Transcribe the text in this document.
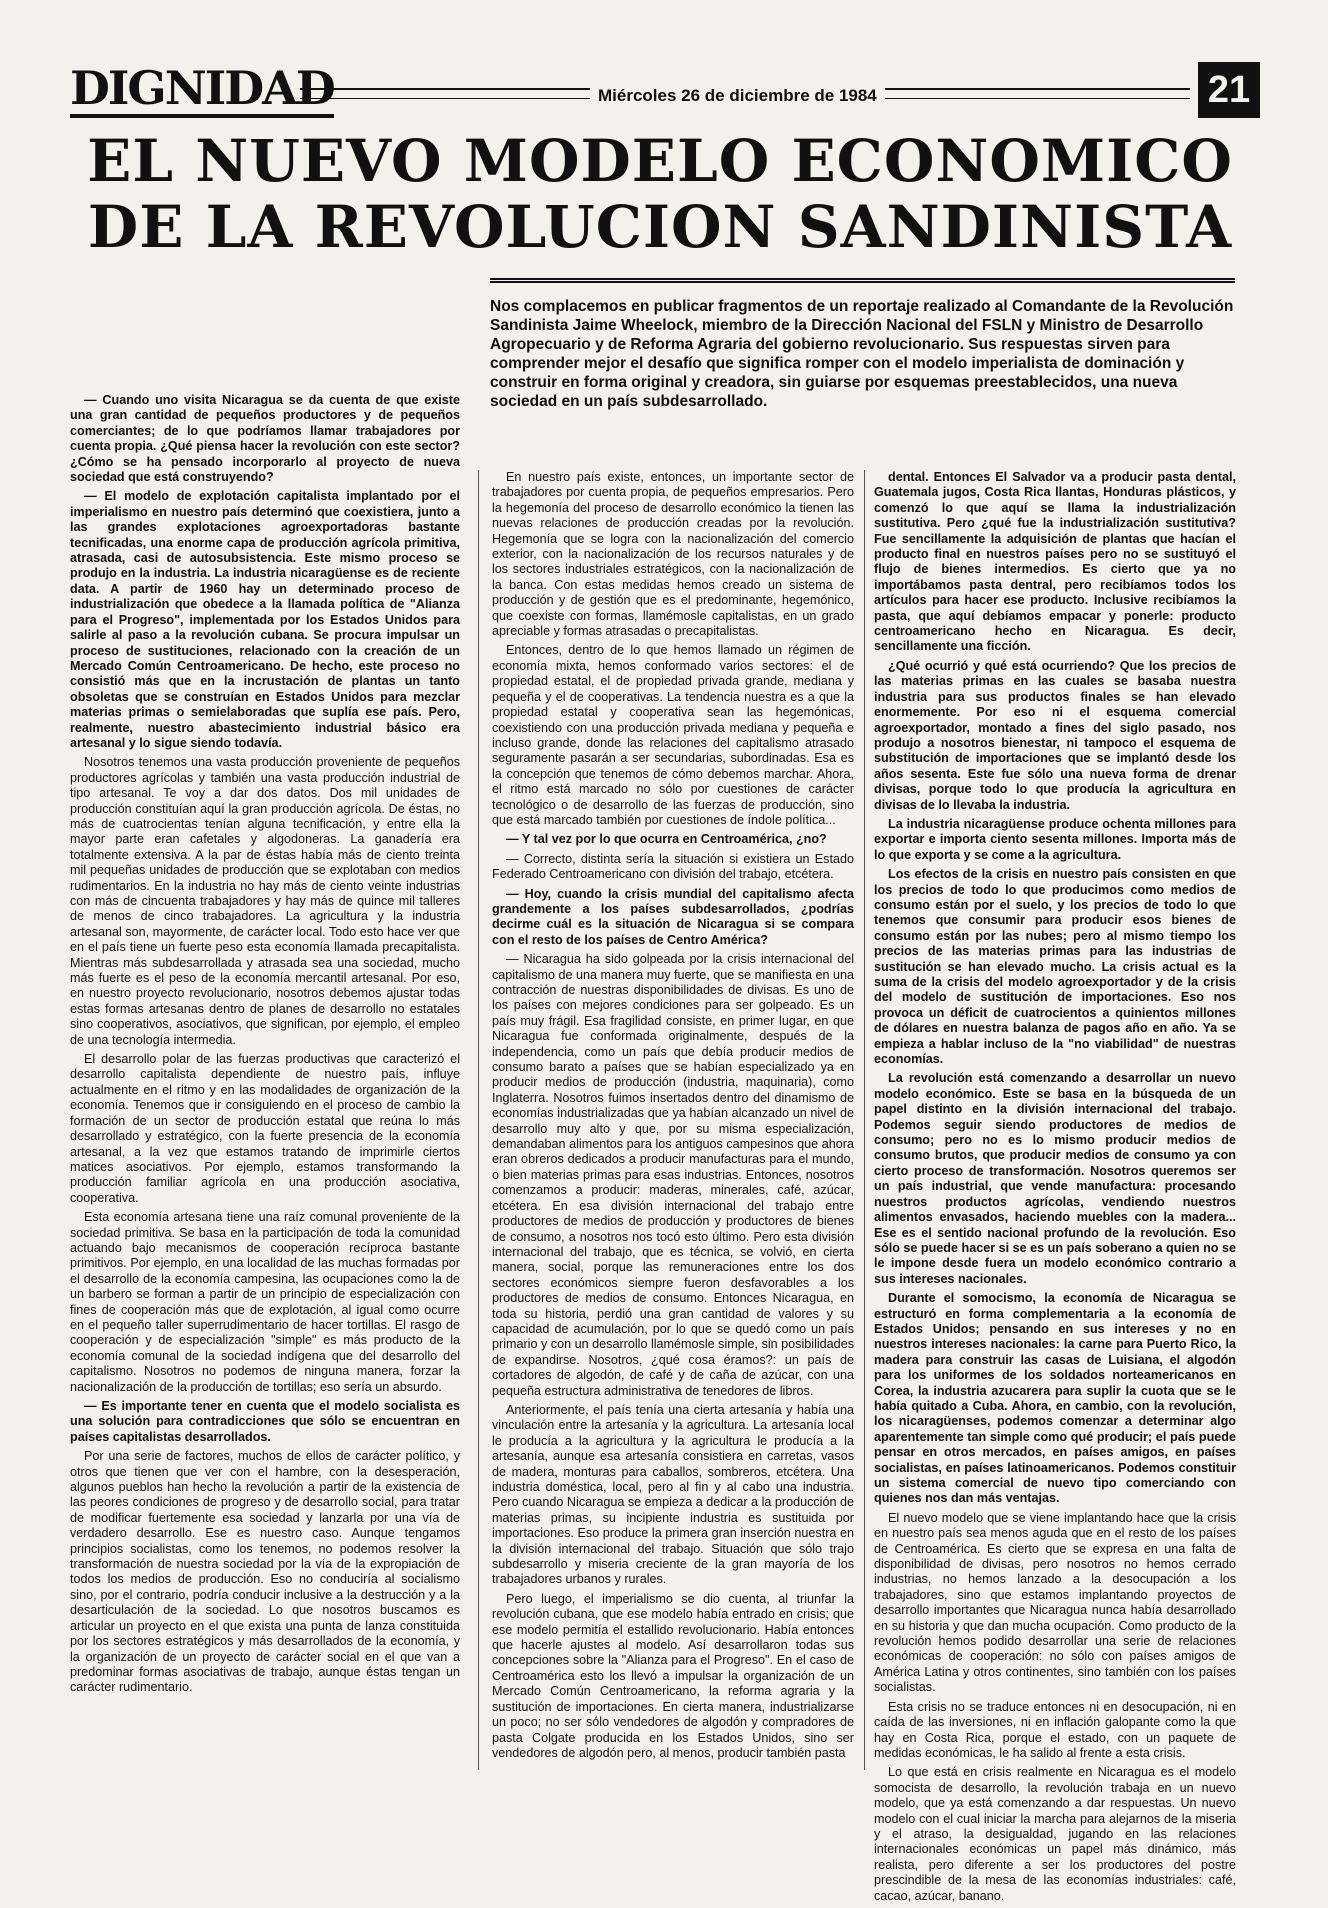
DIGNIDAD	Miércoles 26 de diciembre de 1984	21
EL NUEVO MODELO ECONOMICO
DE LA REVOLUCION SANDINISTA
Nos complacemos en publicar fragmentos de un reportaje realizado al Comandante de la Revolución Sandinista Jaime Wheelock, miembro de la Dirección Nacional del FSLN y Ministro de Desarrollo Agropecuario y de Reforma Agraria del gobierno revolucionario. Sus respuestas sirven para comprender mejor el desafío que significa romper con el modelo imperialista de dominación y construir en forma original y creadora, sin guiarse por esquemas preestablecidos, una nueva sociedad en un país subdesarrollado.

— Cuando uno visita Nicaragua se da cuenta de que existe una gran cantidad de pequeños productores y de pequeños comerciantes; de lo que podríamos llamar trabajadores por cuenta propia. ¿Qué piensa hacer la revolución con este sector? ¿Cómo se ha pensado incorporarlo al proyecto de nueva sociedad que está construyendo?

— El modelo de explotación capitalista implantado por el imperialismo en nuestro país determinó que coexistiera, junto a las grandes explotaciones agroexportadoras bastante tecnificadas, una enorme capa de producción agrícola primitiva, atrasada, casi de autosubsistencia. Este mismo proceso se produjo en la industria. La industria nicaragüense es de reciente data. A partir de 1960 hay un determinado proceso de industrialización que obedece a la llamada política de "Alianza para el Progreso", implementada por los Estados Unidos para salirle al paso a la revolución cubana. Se procura impulsar un proceso de sustituciones, relacionado con la creación de un Mercado Común Centroamericano. De hecho, este proceso no consistió más que en la incrustación de plantas un tanto obsoletas que se construían en Estados Unidos para mezclar materias primas o semielaboradas que suplía ese país. Pero, realmente, nuestro abastecimiento industrial básico era artesanal y lo sigue siendo todavía.

Nosotros tenemos una vasta producción proveniente de pequeños productores agrícolas y también una vasta producción industrial de tipo artesanal. Te voy a dar dos datos. Dos mil unidades de producción constituían aquí la gran producción agrícola. De éstas, no más de cuatrocientas tenían alguna tecnificación, y entre ella la mayor parte eran cafetales y algodoneras. La ganadería era totalmente extensiva. A la par de éstas había más de ciento treinta mil pequeñas unidades de producción que se explotaban con medios rudimentarios. En la industria no hay más de ciento veinte industrias con más de cincuenta trabajadores y hay más de quince mil talleres de menos de cinco trabajadores. La agricultura y la industria artesanal son, mayormente, de carácter local. Todo esto hace ver que en el país tiene un fuerte peso esta economía llamada precapitalista. Mientras más subdesarrollada y atrasada sea una sociedad, mucho más fuerte es el peso de la economía mercantil artesanal. Por eso, en nuestro proyecto revolucionario, nosotros debemos ajustar todas estas formas artesanas dentro de planes de desarrollo no estatales sino cooperativos, asociativos, que significan, por ejemplo, el empleo de una tecnología intermedia.

El desarrollo polar de las fuerzas productivas que caracterizó el desarrollo capitalista dependiente de nuestro país, influye actualmente en el ritmo y en las modalidades de organización de la economía. Tenemos que ir consiguiendo en el proceso de cambio la formación de un sector de producción estatal que reúna lo más desarrollado y estratégico, con la fuerte presencia de la economía artesanal, a la vez que estamos tratando de imprimirle ciertos matices asociativos. Por ejemplo, estamos transformando la producción familiar agrícola en una producción asociativa, cooperativa.

Esta economía artesana tiene una raíz comunal proveniente de la sociedad primitiva. Se basa en la participación de toda la comunidad actuando bajo mecanismos de cooperación recíproca bastante primitivos. Por ejemplo, en una localidad de las muchas formadas por el desarrollo de la economía campesina, las ocupaciones como la de un barbero se forman a partir de un principio de especialización con fines de cooperación más que de explotación, al igual como ocurre en el pequeño taller superrudimentario de hacer tortillas. El rasgo de cooperación y de especialización "simple" es más producto de la economía comunal de la sociedad indígena que del desarrollo del capitalismo. Nosotros no podemos de ninguna manera, forzar la nacionalización de la producción de tortillas; eso sería un absurdo.

— Es importante tener en cuenta que el modelo socialista es una solución para contradicciones que sólo se encuentran en países capitalistas desarrollados.

Por una serie de factores, muchos de ellos de carácter político, y otros que tienen que ver con el hambre, con la desesperación, algunos pueblos han hecho la revolución a partir de la existencia de las peores condiciones de progreso y de desarrollo social, para tratar de modificar fuertemente esa sociedad y lanzarla por una vía de verdadero desarrollo. Ese es nuestro caso. Aunque tengamos principios socialistas, como los tenemos, no podemos resolver la transformación de nuestra sociedad por la vía de la expropiación de todos los medios de producción. Eso no conduciría al socialismo sino, por el contrario, podría conducir inclusive a la destrucción y a la desarticulación de la sociedad. Lo que nosotros buscamos es articular un proyecto en el que exista una punta de lanza constituida por los sectores estratégicos y más desarrollados de la economía, y la organización de un proyecto de carácter social en el que van a predominar formas asociativas de trabajo, aunque éstas tengan un carácter rudimentario.

En nuestro país existe, entonces, un importante sector de trabajadores por cuenta propia, de pequeños empresarios. Pero la hegemonía del proceso de desarrollo económico la tienen las nuevas relaciones de producción creadas por la revolución. Hegemonía que se logra con la nacionalización del comercio exterior, con la nacionalización de los recursos naturales y de los sectores industriales estratégicos, con la nacionalización de la banca. Con estas medidas hemos creado un sistema de producción y de gestión que es el predominante, hegemónico, que coexiste con formas, llamémosle capitalistas, en un grado apreciable y formas atrasadas o precapitalistas.

Entonces, dentro de lo que hemos llamado un régimen de economía mixta, hemos conformado varios sectores: el de propiedad estatal, el de propiedad privada grande, mediana y pequeña y el de cooperativas. La tendencia nuestra es a que la propiedad estatal y cooperativa sean las hegemónicas, coexistiendo con una producción privada mediana y pequeña e incluso grande, donde las relaciones del capitalismo atrasado seguramente pasarán a ser secundarias, subordinadas. Esa es la concepción que tenemos de cómo debemos marchar. Ahora, el ritmo está marcado no sólo por cuestiones de carácter tecnológico o de desarrollo de las fuerzas de producción, sino que está marcado también por cuestiones de índole política...

— Y tal vez por lo que ocurra en Centroamérica, ¿no?

— Correcto, distinta sería la situación si existiera un Estado Federado Centroamericano con división del trabajo, etcétera.

— Hoy, cuando la crisis mundial del capitalismo afecta grandemente a los países subdesarrollados, ¿podrías decirme cuál es la situación de Nicaragua si se compara con el resto de los países de Centro América?

— Nicaragua ha sido golpeada por la crisis internacional del capitalismo de una manera muy fuerte, que se manifiesta en una contracción de nuestras disponibilidades de divisas. Es uno de los países con mejores condiciones para ser golpeado. Es un país muy frágil. Esa fragilidad consiste, en primer lugar, en que Nicaragua fue conformada originalmente, después de la independencia, como un país que debía producir medios de consumo barato a países que se habían especializado ya en producir medios de producción (industria, maquinaria), como Inglaterra. Nosotros fuimos insertados dentro del dinamismo de economías industrializadas que ya habían alcanzado un nivel de desarrollo muy alto y que, por su misma especialización, demandaban alimentos para los antiguos campesinos que ahora eran obreros dedicados a producir manufacturas para el mundo, o bien materias primas para esas industrias. Entonces, nosotros comenzamos a producir: maderas, minerales, café, azúcar, etcétera. En esa división internacional del trabajo entre productores de medios de producción y productores de bienes de consumo, a nosotros nos tocó esto último. Pero esta división internacional del trabajo, que es técnica, se volvió, en cierta manera, social, porque las remuneraciones entre los dos sectores económicos siempre fueron desfavorables a los productores de medios de consumo. Entonces Nicaragua, en toda su historia, perdió una gran cantidad de valores y su capacidad de acumulación, por lo que se quedó como un país primario y con un desarrollo llamémosle simple, sin posibilidades de expandirse. Nosotros, ¿qué cosa éramos?: un país de cortadores de algodón, de café y de caña de azúcar, con una pequeña estructura administrativa de tenedores de libros.

Anteriormente, el país tenía una cierta artesanía y había una vinculación entre la artesanía y la agricultura. La artesanía local le producía a la agricultura y la agricultura le producía a la artesanía, aunque esa artesanía consistiera en carretas, vasos de madera, monturas para caballos, sombreros, etcétera. Una industria doméstica, local, pero al fin y al cabo una industria. Pero cuando Nicaragua se empieza a dedicar a la producción de materias primas, su incipiente industria es sustituida por importaciones. Eso produce la primera gran inserción nuestra en la división internacional del trabajo. Situación que sólo trajo subdesarrollo y miseria creciente de la gran mayoría de los trabajadores urbanos y rurales.

Pero luego, el imperialismo se dio cuenta, al triunfar la revolución cubana, que ese modelo había entrado en crisis; que ese modelo permitía el estallido revolucionario. Había entonces que hacerle ajustes al modelo. Así desarrollaron todas sus concepciones sobre la "Alianza para el Progreso". En el caso de Centroamérica esto los llevó a impulsar la organización de un Mercado Común Centroamericano, la reforma agraria y la sustitución de importaciones. En cierta manera, industrializarse un poco; no ser sólo vendedores de algodón y compradores de pasta Colgate producida en los Estados Unidos, sino ser vendedores de algodón pero, al menos, producir también pasta

dental. Entonces El Salvador va a producir pasta dental, Guatemala jugos, Costa Rica llantas, Honduras plásticos, y comenzó lo que aquí se llama la industrialización sustitutiva. Pero ¿qué fue la industrialización sustitutiva? Fue sencillamente la adquisición de plantas que hacían el producto final en nuestros países pero no se sustituyó el flujo de bienes intermedios. Es cierto que ya no importábamos pasta dentral, pero recibíamos todos los artículos para hacer ese producto. Inclusive recibíamos la pasta, que aquí debíamos empacar y ponerle: producto centroamericano hecho en Nicaragua. Es decir, sencillamente una ficción.

¿Qué ocurrió y qué está ocurriendo? Que los precios de las materias primas en las cuales se basaba nuestra industria para sus productos finales se han elevado enormemente. Por eso ni el esquema comercial agroexportador, montado a fines del siglo pasado, nos produjo a nosotros bienestar, ni tampoco el esquema de substitución de importaciones que se implantó desde los años sesenta. Este fue sólo una nueva forma de drenar divisas, porque todo lo que producía la agricultura en divisas de lo llevaba la industria.

La industria nicaragüense produce ochenta millones para exportar e importa ciento sesenta millones. Importa más de lo que exporta y se come a la agricultura.

Los efectos de la crisis en nuestro país consisten en que los precios de todo lo que producimos como medios de consumo están por el suelo, y los precios de todo lo que tenemos que consumir para producir esos bienes de consumo están por las nubes; pero al mismo tiempo los precios de las materias primas para las industrias de sustitución se han elevado mucho. La crisis actual es la suma de la crisis del modelo agroexportador y de la crisis del modelo de sustitución de importaciones. Eso nos provoca un déficit de cuatrocientos a quinientos millones de dólares en nuestra balanza de pagos año en año. Ya se empieza a hablar incluso de la "no viabilidad" de nuestras economías.

La revolución está comenzando a desarrollar un nuevo modelo económico. Este se basa en la búsqueda de un papel distinto en la división internacional del trabajo. Podemos seguir siendo productores de medios de consumo; pero no es lo mismo producir medios de consumo brutos, que producir medios de consumo ya con cierto proceso de transformación. Nosotros queremos ser un país industrial, que vende manufactura: procesando nuestros productos agrícolas, vendiendo nuestros alimentos envasados, haciendo muebles con la madera... Ese es el sentido nacional profundo de la revolución. Eso sólo se puede hacer si se es un país soberano a quien no se le impone desde fuera un modelo económico contrario a sus intereses nacionales.

Durante el somocismo, la economía de Nicaragua se estructuró en forma complementaria a la economía de Estados Unidos; pensando en sus intereses y no en nuestros intereses nacionales: la carne para Puerto Rico, la madera para construir las casas de Luisiana, el algodón para los uniformes de los soldados norteamericanos en Corea, la industria azucarera para suplir la cuota que se le había quitado a Cuba. Ahora, en cambio, con la revolución, los nicaragüenses, podemos comenzar a determinar algo aparentemente tan simple como qué producir; el país puede pensar en otros mercados, en países amigos, en países socialistas, en países latinoamericanos. Podemos constituir un sistema comercial de nuevo tipo comerciando con quienes nos dan más ventajas.

El nuevo modelo que se viene implantando hace que la crisis en nuestro país sea menos aguda que en el resto de los países de Centroamérica. Es cierto que se expresa en una falta de disponibilidad de divisas, pero nosotros no hemos cerrado industrias, no hemos lanzado a la desocupación a los trabajadores, sino que estamos implantando proyectos de desarrollo importantes que Nicaragua nunca había desarrollado en su historia y que dan mucha ocupación. Como producto de la revolución hemos podido desarrollar una serie de relaciones económicas de cooperación: no sólo con países amigos de América Latina y otros continentes, sino también con los países socialistas.

Esta crisis no se traduce entonces ni en desocupación, ni en caída de las inversiones, ni en inflación galopante como la que hay en Costa Rica, porque el estado, con un paquete de medidas económicas, le ha salido al frente a esta crisis.

Lo que está en crisis realmente en Nicaragua es el modelo somocista de desarrollo, la revolución trabaja en un nuevo modelo, que ya está comenzando a dar respuestas. Un nuevo modelo con el cual iniciar la marcha para alejarnos de la miseria y el atraso, la desigualdad, jugando en las relaciones internacionales económicas un papel más dinámico, más realista, pero diferente a ser los productores del postre prescindible de la mesa de las economías industriales: café, cacao, azúcar, banano.
